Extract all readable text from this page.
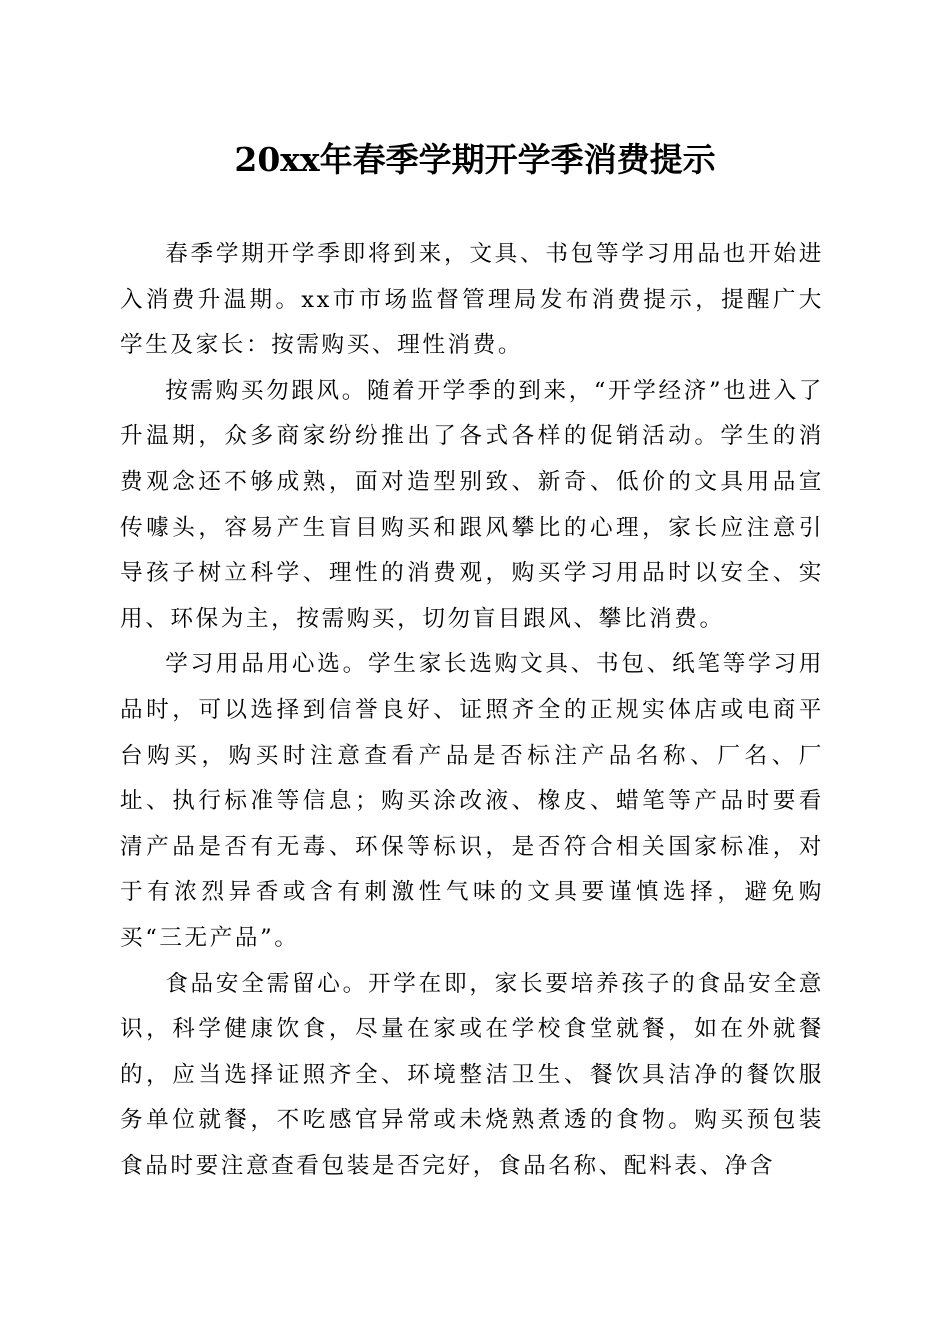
20xx年春季学期开学季消费提示

春季学期开学季即将到来，文具、书包等学习用品也开始进入消费升温期。xx市市场监督管理局发布消费提示，提醒广大学生及家长：按需购买、理性消费。

按需购买勿跟风。随着开学季的到来，“开学经济”也进入了升温期，众多商家纷纷推出了各式各样的促销活动。学生的消费观念还不够成熟，面对造型别致、新奇、低价的文具用品宣传噱头，容易产生盲目购买和跟风攀比的心理，家长应注意引导孩子树立科学、理性的消费观，购买学习用品时以安全、实用、环保为主，按需购买，切勿盲目跟风、攀比消费。

学习用品用心选。学生家长选购文具、书包、纸笔等学习用品时，可以选择到信誉良好、证照齐全的正规实体店或电商平台购买，购买时注意查看产品是否标注产品名称、厂名、厂址、执行标准等信息；购买涂改液、橡皮、蜡笔等产品时要看清产品是否有无毒、环保等标识，是否符合相关国家标准，对于有浓烈异香或含有刺激性气味的文具要谨慎选择，避免购买“三无产品”。

食品安全需留心。开学在即，家长要培养孩子的食品安全意识，科学健康饮食，尽量在家或在学校食堂就餐，如在外就餐的，应当选择证照齐全、环境整洁卫生、餐饮具洁净的餐饮服务单位就餐，不吃感官异常或未烧熟煮透的食物。购买预包装食品时要注意查看包装是否完好，食品名称、配料表、净含
